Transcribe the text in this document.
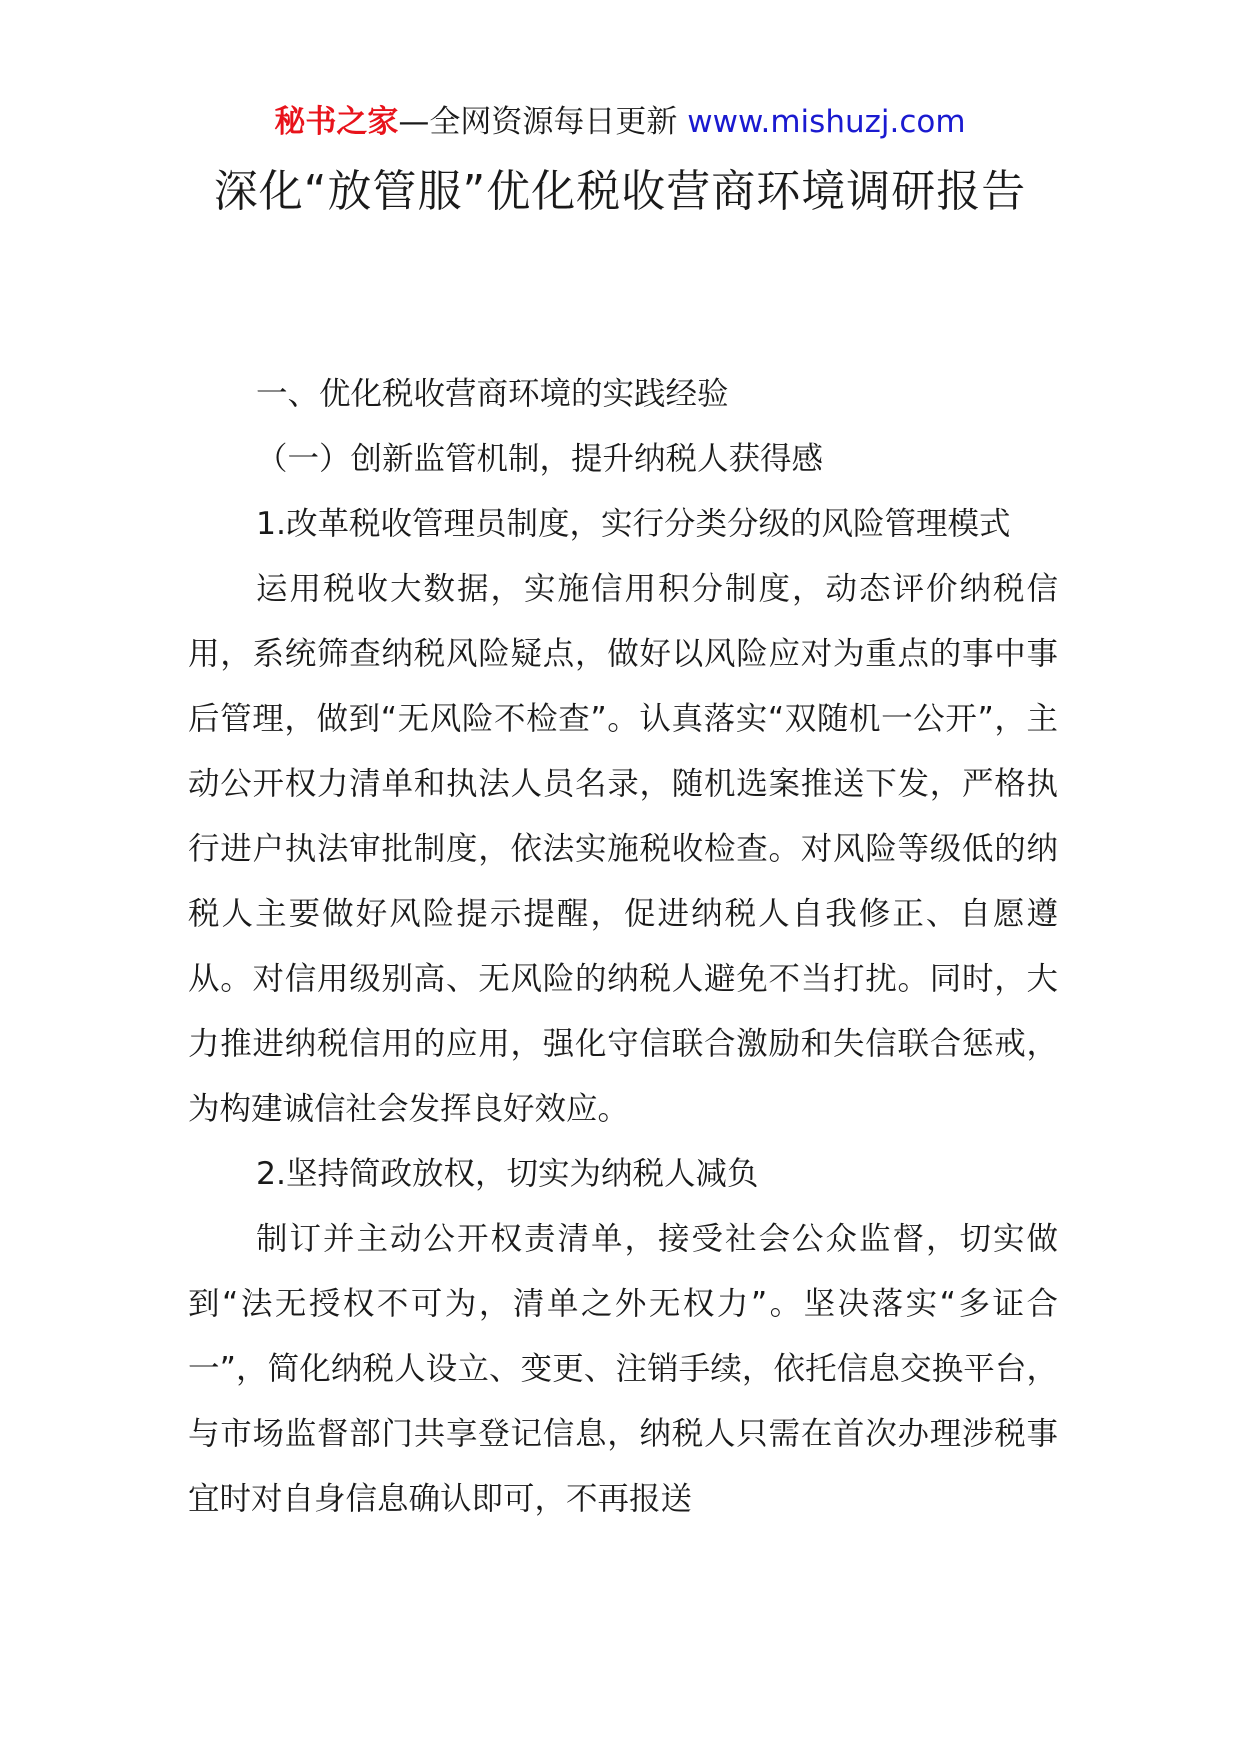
秘书之家—全网资源每日更新 www.mishuzj.com
深化“放管服”优化税收营商环境调研报告

一、优化税收营商环境的实践经验

（一）创新监管机制，提升纳税人获得感

1.改革税收管理员制度，实行分类分级的风险管理模式

运用税收大数据，实施信用积分制度，动态评价纳税信用，系统筛查纳税风险疑点，做好以风险应对为重点的事中事后管理，做到“无风险不检查”。认真落实“双随机一公开”，主动公开权力清单和执法人员名录，随机选案推送下发，严格执行进户执法审批制度，依法实施税收检查。对风险等级低的纳税人主要做好风险提示提醒，促进纳税人自我修正、自愿遵从。对信用级别高、无风险的纳税人避免不当打扰。同时，大力推进纳税信用的应用，强化守信联合激励和失信联合惩戒，为构建诚信社会发挥良好效应。

2.坚持简政放权，切实为纳税人减负

制订并主动公开权责清单，接受社会公众监督，切实做到“法无授权不可为，清单之外无权力”。坚决落实“多证合一”，简化纳税人设立、变更、注销手续，依托信息交换平台，与市场监督部门共享登记信息，纳税人只需在首次办理涉税事宜时对自身信息确认即可，不再报送
